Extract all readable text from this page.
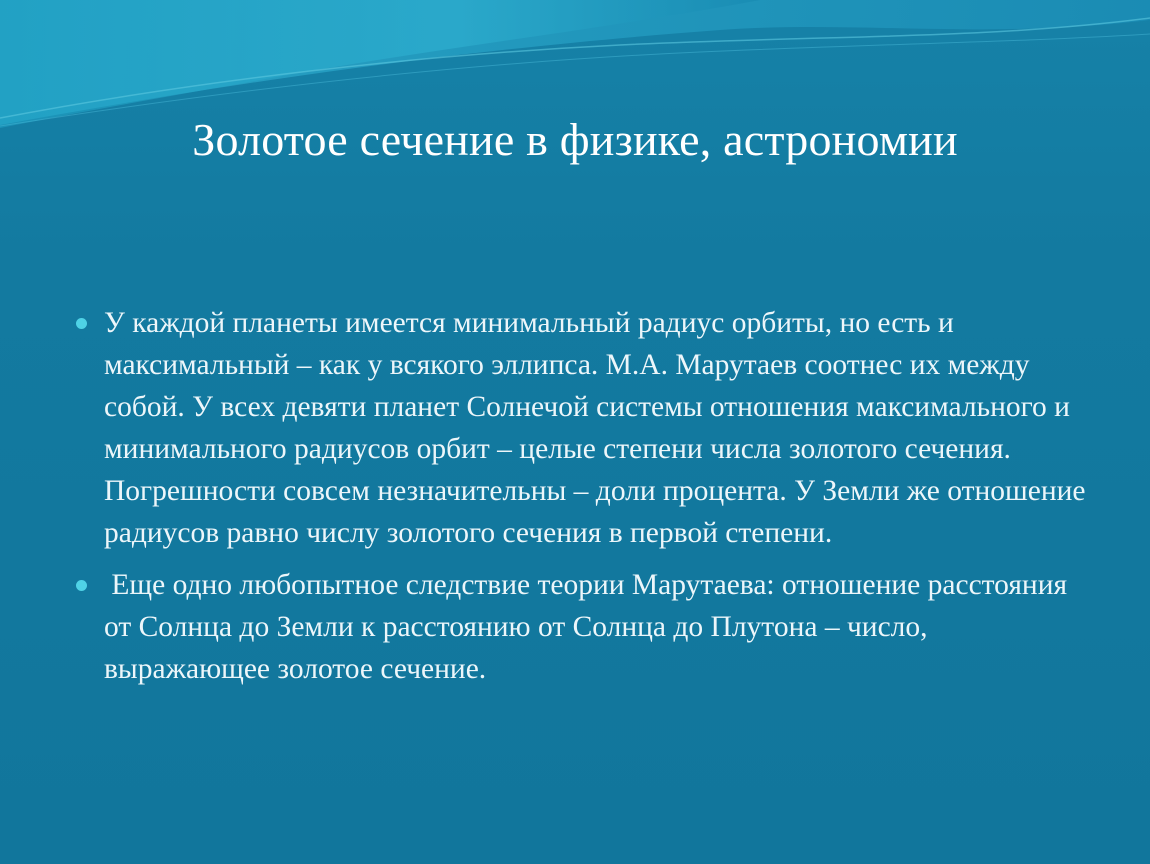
Золотое сечение в физике, астрономии
У каждой планеты имеется минимальный радиус орбиты, но есть и максимальный – как у всякого эллипса. М.А. Марутаев соотнес их между собой. У всех девяти планет Солнечой системы отношения максимального и минимального радиусов орбит – целые степени числа золотого сечения. Погрешности совсем незначительны – доли процента. У Земли же отношение радиусов равно числу золотого сечения в первой степени.
Еще одно любопытное следствие теории Марутаева: отношение расстояния от Солнца до Земли к расстоянию от Солнца до Плутона – число, выражающее золотое сечение.
